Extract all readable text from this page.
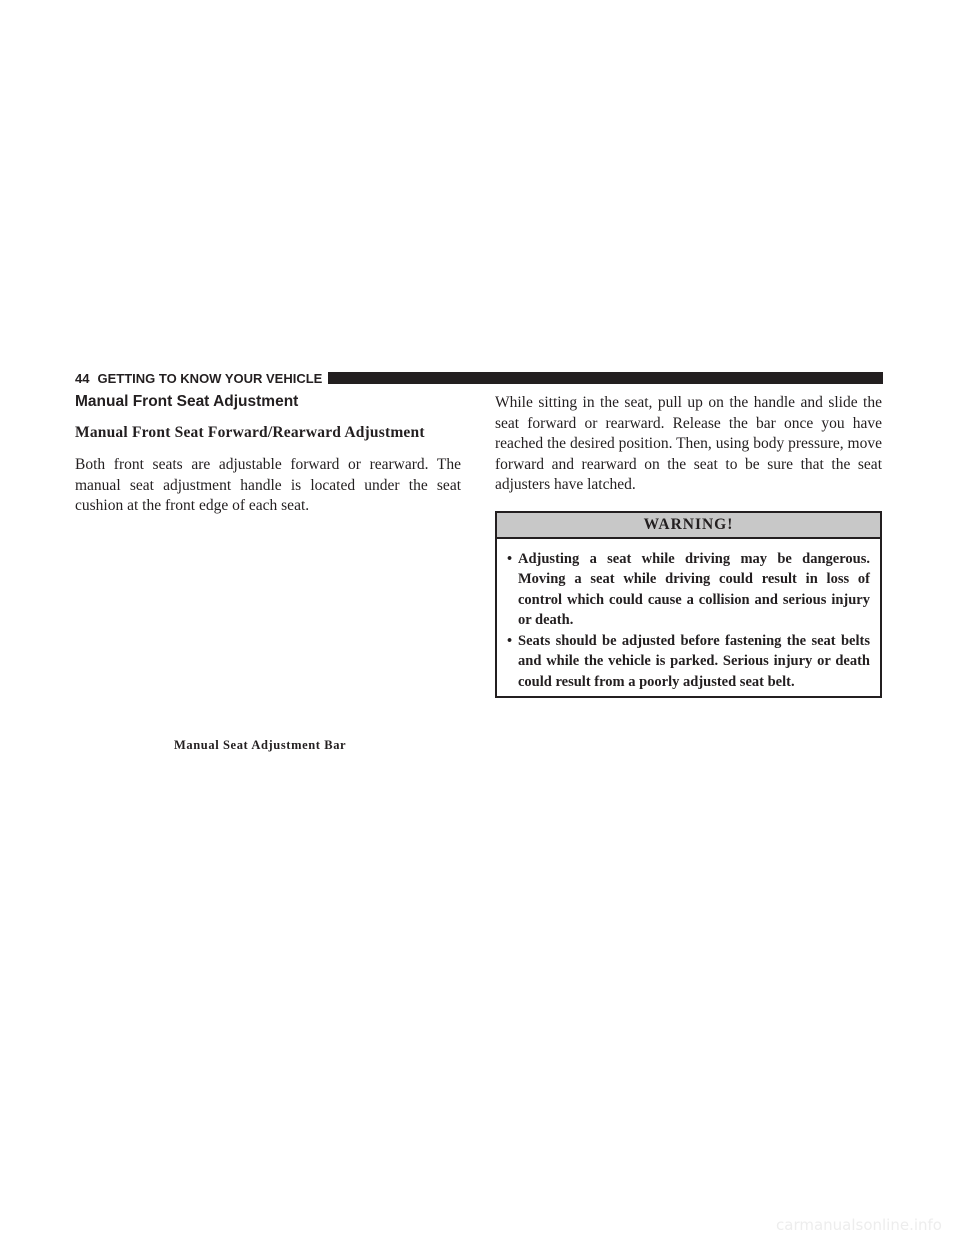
44 GETTING TO KNOW YOUR VEHICLE
Manual Front Seat Adjustment
Manual Front Seat Forward/Rearward Adjustment

Both front seats are adjustable forward or rearward. The manual seat adjustment handle is located under the seat cushion at the front edge of each seat.

Manual Seat Adjustment Bar

While sitting in the seat, pull up on the handle and slide the seat forward or rearward. Release the bar once you have reached the desired position. Then, using body pressure, move forward and rearward on the seat to be sure that the seat adjusters have latched.

WARNING!
• Adjusting a seat while driving may be dangerous. Moving a seat while driving could result in loss of control which could cause a collision and serious injury or death.
• Seats should be adjusted before fastening the seat belts and while the vehicle is parked. Serious injury or death could result from a poorly adjusted seat belt.
carmanualsonline.info
